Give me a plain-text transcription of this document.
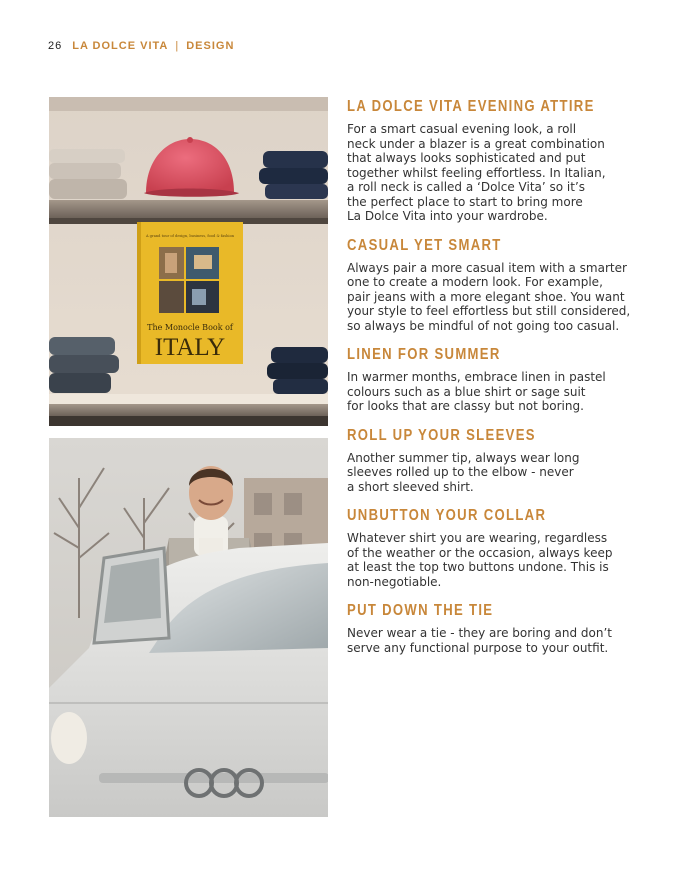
26 LA DOLCE VITA | DESIGN
A grand tour of design, business, food & fashion
The Monocle Book of
ITALY
LA DOLCE VITA EVENING ATTIRE

For a smart casual evening look, a roll
neck under a blazer is a great combination
that always looks sophisticated and put
together whilst feeling effortless. In Italian,
a roll neck is called a ‘Dolce Vita’ so it’s
the perfect place to start to bring more
La Dolce Vita into your wardrobe.

CASUAL YET SMART

Always pair a more casual item with a smarter
one to create a modern look. For example,
pair jeans with a more elegant shoe. You want
your style to feel effortless but still considered,
so always be mindful of not going too casual.

LINEN FOR SUMMER

In warmer months, embrace linen in pastel
colours such as a blue shirt or sage suit
for looks that are classy but not boring.

ROLL UP YOUR SLEEVES

Another summer tip, always wear long
sleeves rolled up to the elbow - never
a short sleeved shirt.

UNBUTTON YOUR COLLAR

Whatever shirt you are wearing, regardless
of the weather or the occasion, always keep
at least the top two buttons undone. This is
non-negotiable.

PUT DOWN THE TIE

Never wear a tie - they are boring and don’t
serve any functional purpose to your outfit.
